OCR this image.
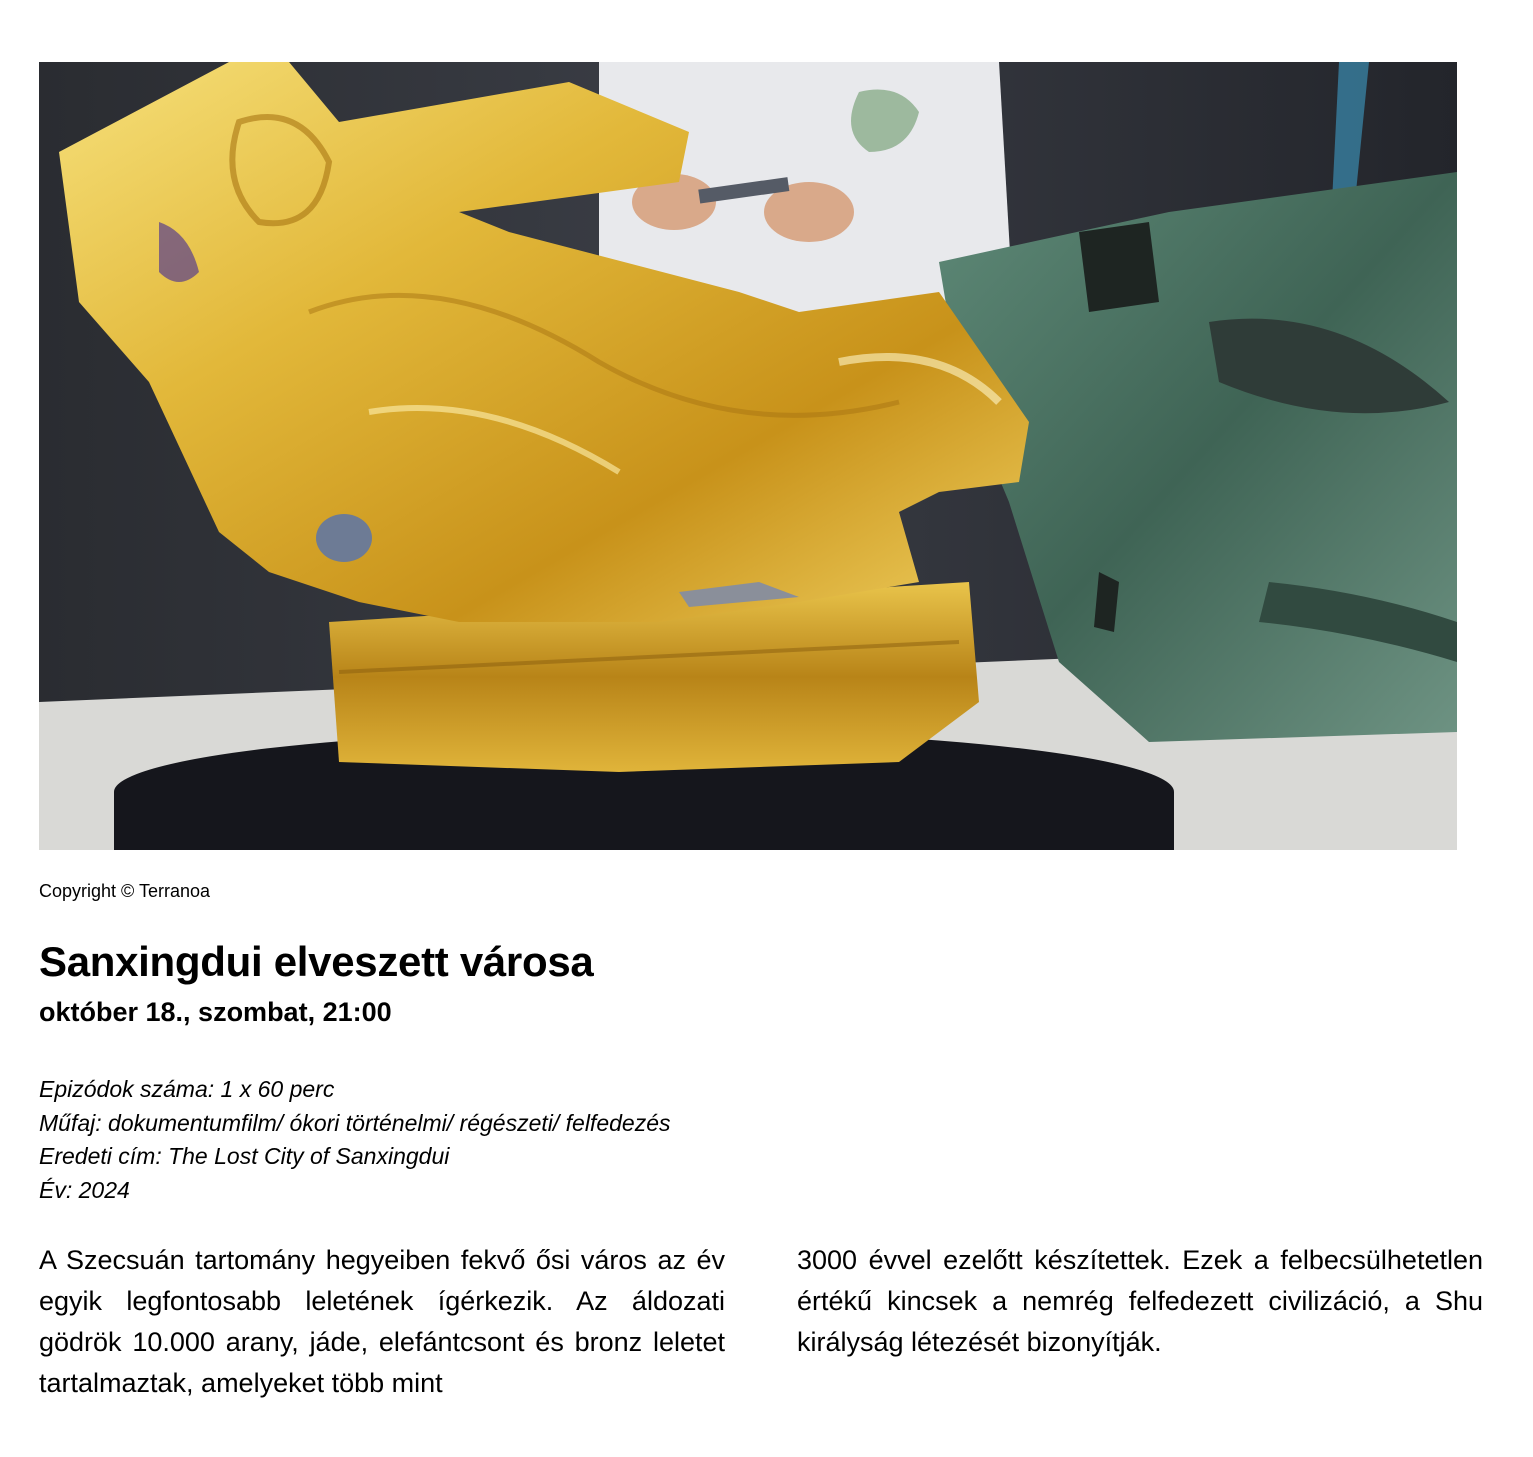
Copyright © Terranoa
Sanxingdui elveszett városa
október 18., szombat, 21:00
Epizódok száma: 1 x 60 perc
Műfaj: dokumentumfilm/ ókori történelmi/ régészeti/ felfedezés
Eredeti cím: The Lost City of Sanxingdui
Év: 2024
A Szecsuán tartomány hegyeiben fekvő ősi város az év egyik legfontosabb leletének ígérkezik. Az áldozati gödrök 10.000 arany, jáde, elefántcsont és bronz leletet tartalmaztak, amelyeket több mint
3000 évvel ezelőtt készítettek. Ezek a felbecsülhetetlen értékű kincsek a nemrég felfedezett civilizáció, a Shu királyság létezését bizonyítják.
